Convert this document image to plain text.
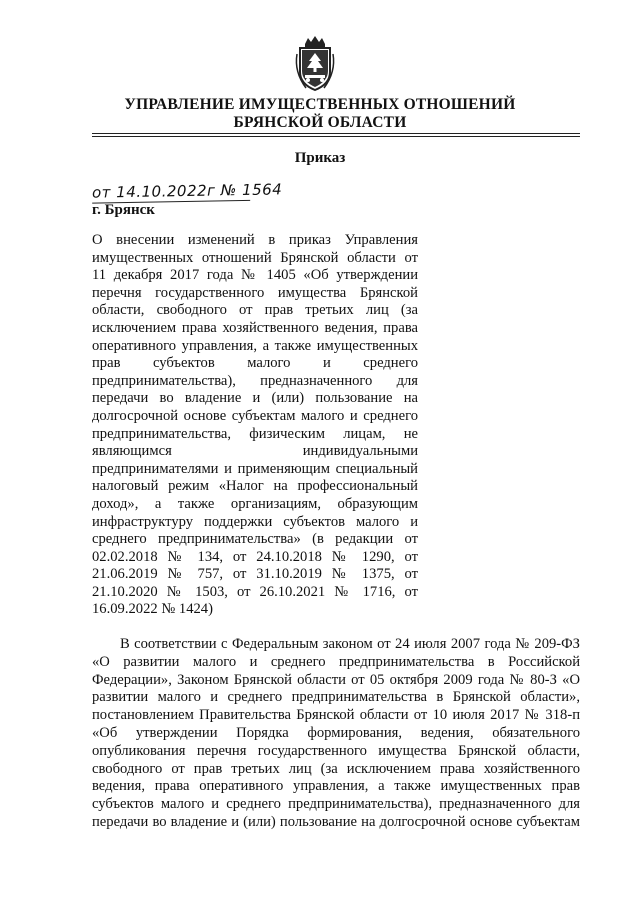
УПРАВЛЕНИЕ ИМУЩЕСТВЕННЫХ ОТНОШЕНИЙ
БРЯНСКОЙ ОБЛАСТИ
Приказ
от 14.10.2022г № 1564
г. Брянск
О внесении изменений в приказ Управления
имущественных отношений Брянской области от
11 декабря 2017 года № 1405 «Об утверждении
перечня государственного имущества Брянской
области, свободного от прав третьих лиц (за
исключением права хозяйственного ведения, права
оперативного управления, а также имущественных
прав субъектов малого и среднего
предпринимательства), предназначенного для
передачи во владение и (или) пользование на
долгосрочной основе субъектам малого и среднего
предпринимательства, физическим лицам, не
являющимся индивидуальными
предпринимателями и применяющим специальный
налоговый режим «Налог на профессиональный
доход», а также организациям, образующим
инфраструктуру поддержки субъектов малого и
среднего предпринимательства» (в редакции от
02.02.2018 № 134, от 24.10.2018 № 1290, от
21.06.2019 № 757, от 31.10.2019 № 1375, от
21.10.2020 № 1503, от 26.10.2021 № 1716, от
16.09.2022 № 1424)
В соответствии с Федеральным законом от 24 июля 2007 года № 209-ФЗ
«О развитии малого и среднего предпринимательства в Российской
Федерации», Законом Брянской области от 05 октября 2009 года № 80-З «О
развитии малого и среднего предпринимательства в Брянской области»,
постановлением Правительства Брянской области от 10 июля 2017 № 318-п
«Об утверждении Порядка формирования, ведения, обязательного
опубликования перечня государственного имущества Брянской области,
свободного от прав третьих лиц (за исключением права хозяйственного
ведения, права оперативного управления, а также имущественных прав
субъектов малого и среднего предпринимательства), предназначенного для
передачи во владение и (или) пользование на долгосрочной основе субъектам
